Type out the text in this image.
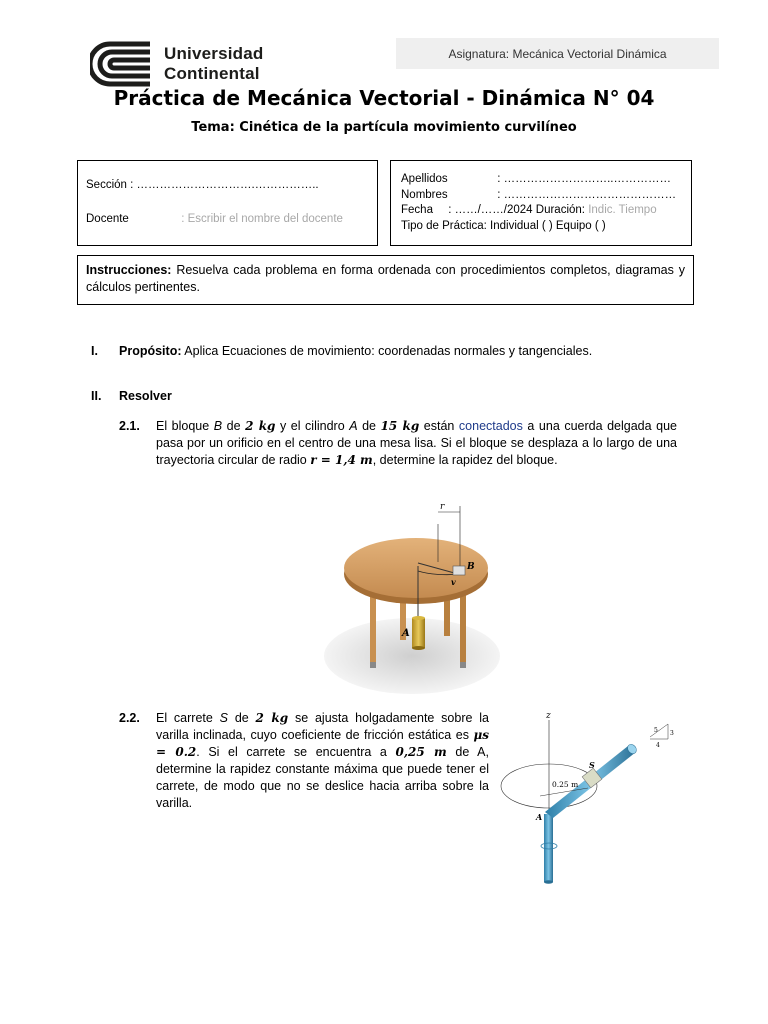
Universidad
Continental
Asignatura: Mecánica Vectorial Dinámica
Práctica de Mecánica Vectorial - Dinámica N° 04
Tema: Cinética de la partícula movimiento curvilíneo
Sección : ………………………….……………..
Docente	: Escribir el nombre del docente
Apellidos	: ………………………..……………
Nombres	: ………………………………………
Fecha : ……/……/2024 Duración: Indic. Tiempo
Tipo de Práctica: Individual ( ) Equipo ( )
Instrucciones: Resuelva cada problema en forma ordenada con procedimientos completos, diagramas y cálculos pertinentes.
I. Propósito: Aplica Ecuaciones de movimiento: coordenadas normales y tangenciales.
II. Resolver
2.1. El bloque B de 2 kg y el cilindro A de 15 kg están conectados a una cuerda delgada que pasa por un orificio en el centro de una mesa lisa. Si el bloque se desplaza a lo largo de una trayectoria circular de radio r = 1,4 m, determine la rapidez del bloque.
r
B
v
A
2.2. El carrete S de 2 kg se ajusta holgadamente sobre la varilla inclinada, cuyo coeficiente de fricción estática es μs = 0.2. Si el carrete se encuentra a 0,25 m de A, determine la rapidez constante máxima que puede tener el carrete, de modo que no se deslice hacia arriba sobre la varilla.
z
0.25 m
S
A
5 3
4
